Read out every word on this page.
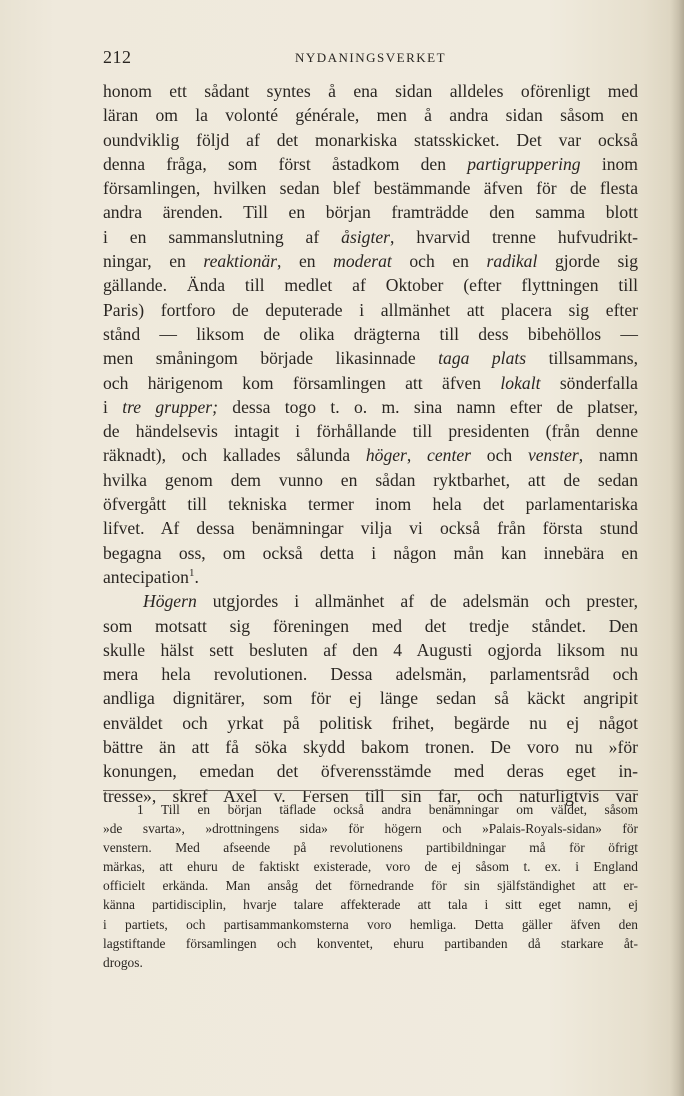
212	NYDANINGSVERKET
honom ett sådant syntes å ena sidan alldeles oförenligt med
läran om la volonté générale, men å andra sidan såsom en
oundviklig följd af det monarkiska statsskicket. Det var också
denna fråga, som först åstadkom den partigruppering inom
församlingen, hvilken sedan blef bestämmande äfven för de flesta
andra ärenden. Till en början framträdde den samma blott
i en sammanslutning af åsigter, hvarvid trenne hufvudrikt-
ningar, en reaktionär, en moderat och en radikal gjorde sig
gällande. Ända till medlet af Oktober (efter flyttningen till
Paris) fortforo de deputerade i allmänhet att placera sig efter
stånd — liksom de olika drägterna till dess bibehöllos —
men småningom började likasinnade taga plats tillsammans,
och härigenom kom församlingen att äfven lokalt sönderfalla
i tre grupper; dessa togo t. o. m. sina namn efter de platser,
de händelsevis intagit i förhållande till presidenten (från denne
räknadt), och kallades sålunda höger, center och venster, namn
hvilka genom dem vunno en sådan ryktbarhet, att de sedan
öfvergått till tekniska termer inom hela det parlamentariska
lifvet. Af dessa benämningar vilja vi också från första stund
begagna oss, om också detta i någon mån kan innebära en
antecipation$^1$.
Högern utgjordes i allmänhet af de adelsmän och prester,
som motsatt sig föreningen med det tredje ståndet. Den
skulle hälst sett besluten af den 4 Augusti ogjorda liksom nu
mera hela revolutionen. Dessa adelsmän, parlamentsråd och
andliga dignitärer, som för ej länge sedan så käckt angripit
enväldet och yrkat på politisk frihet, begärde nu ej något
bättre än att få söka skydd bakom tronen. De voro nu »för
konungen, emedan det öfverensstämde med deras eget in-
tresse», skref Axel v. Fersen till sin far, och naturligtvis var
1 Till en början täflade också andra benämningar om väldet, såsom
»de svarta», »drottningens sida» för högern och »Palais-Royals-sidan» för
venstern. Med afseende på revolutionens partibildningar må för öfrigt
märkas, att ehuru de faktiskt existerade, voro de ej såsom t. ex. i England
officielt erkända. Man ansåg det förnedrande för sin själfständighet att er-
känna partidisciplin, hvarje talare affekterade att tala i sitt eget namn, ej
i partiets, och partisammankomsterna voro hemliga. Detta gäller äfven den
lagstiftande församlingen och konventet, ehuru partibanden då starkare åt-
drogos.
